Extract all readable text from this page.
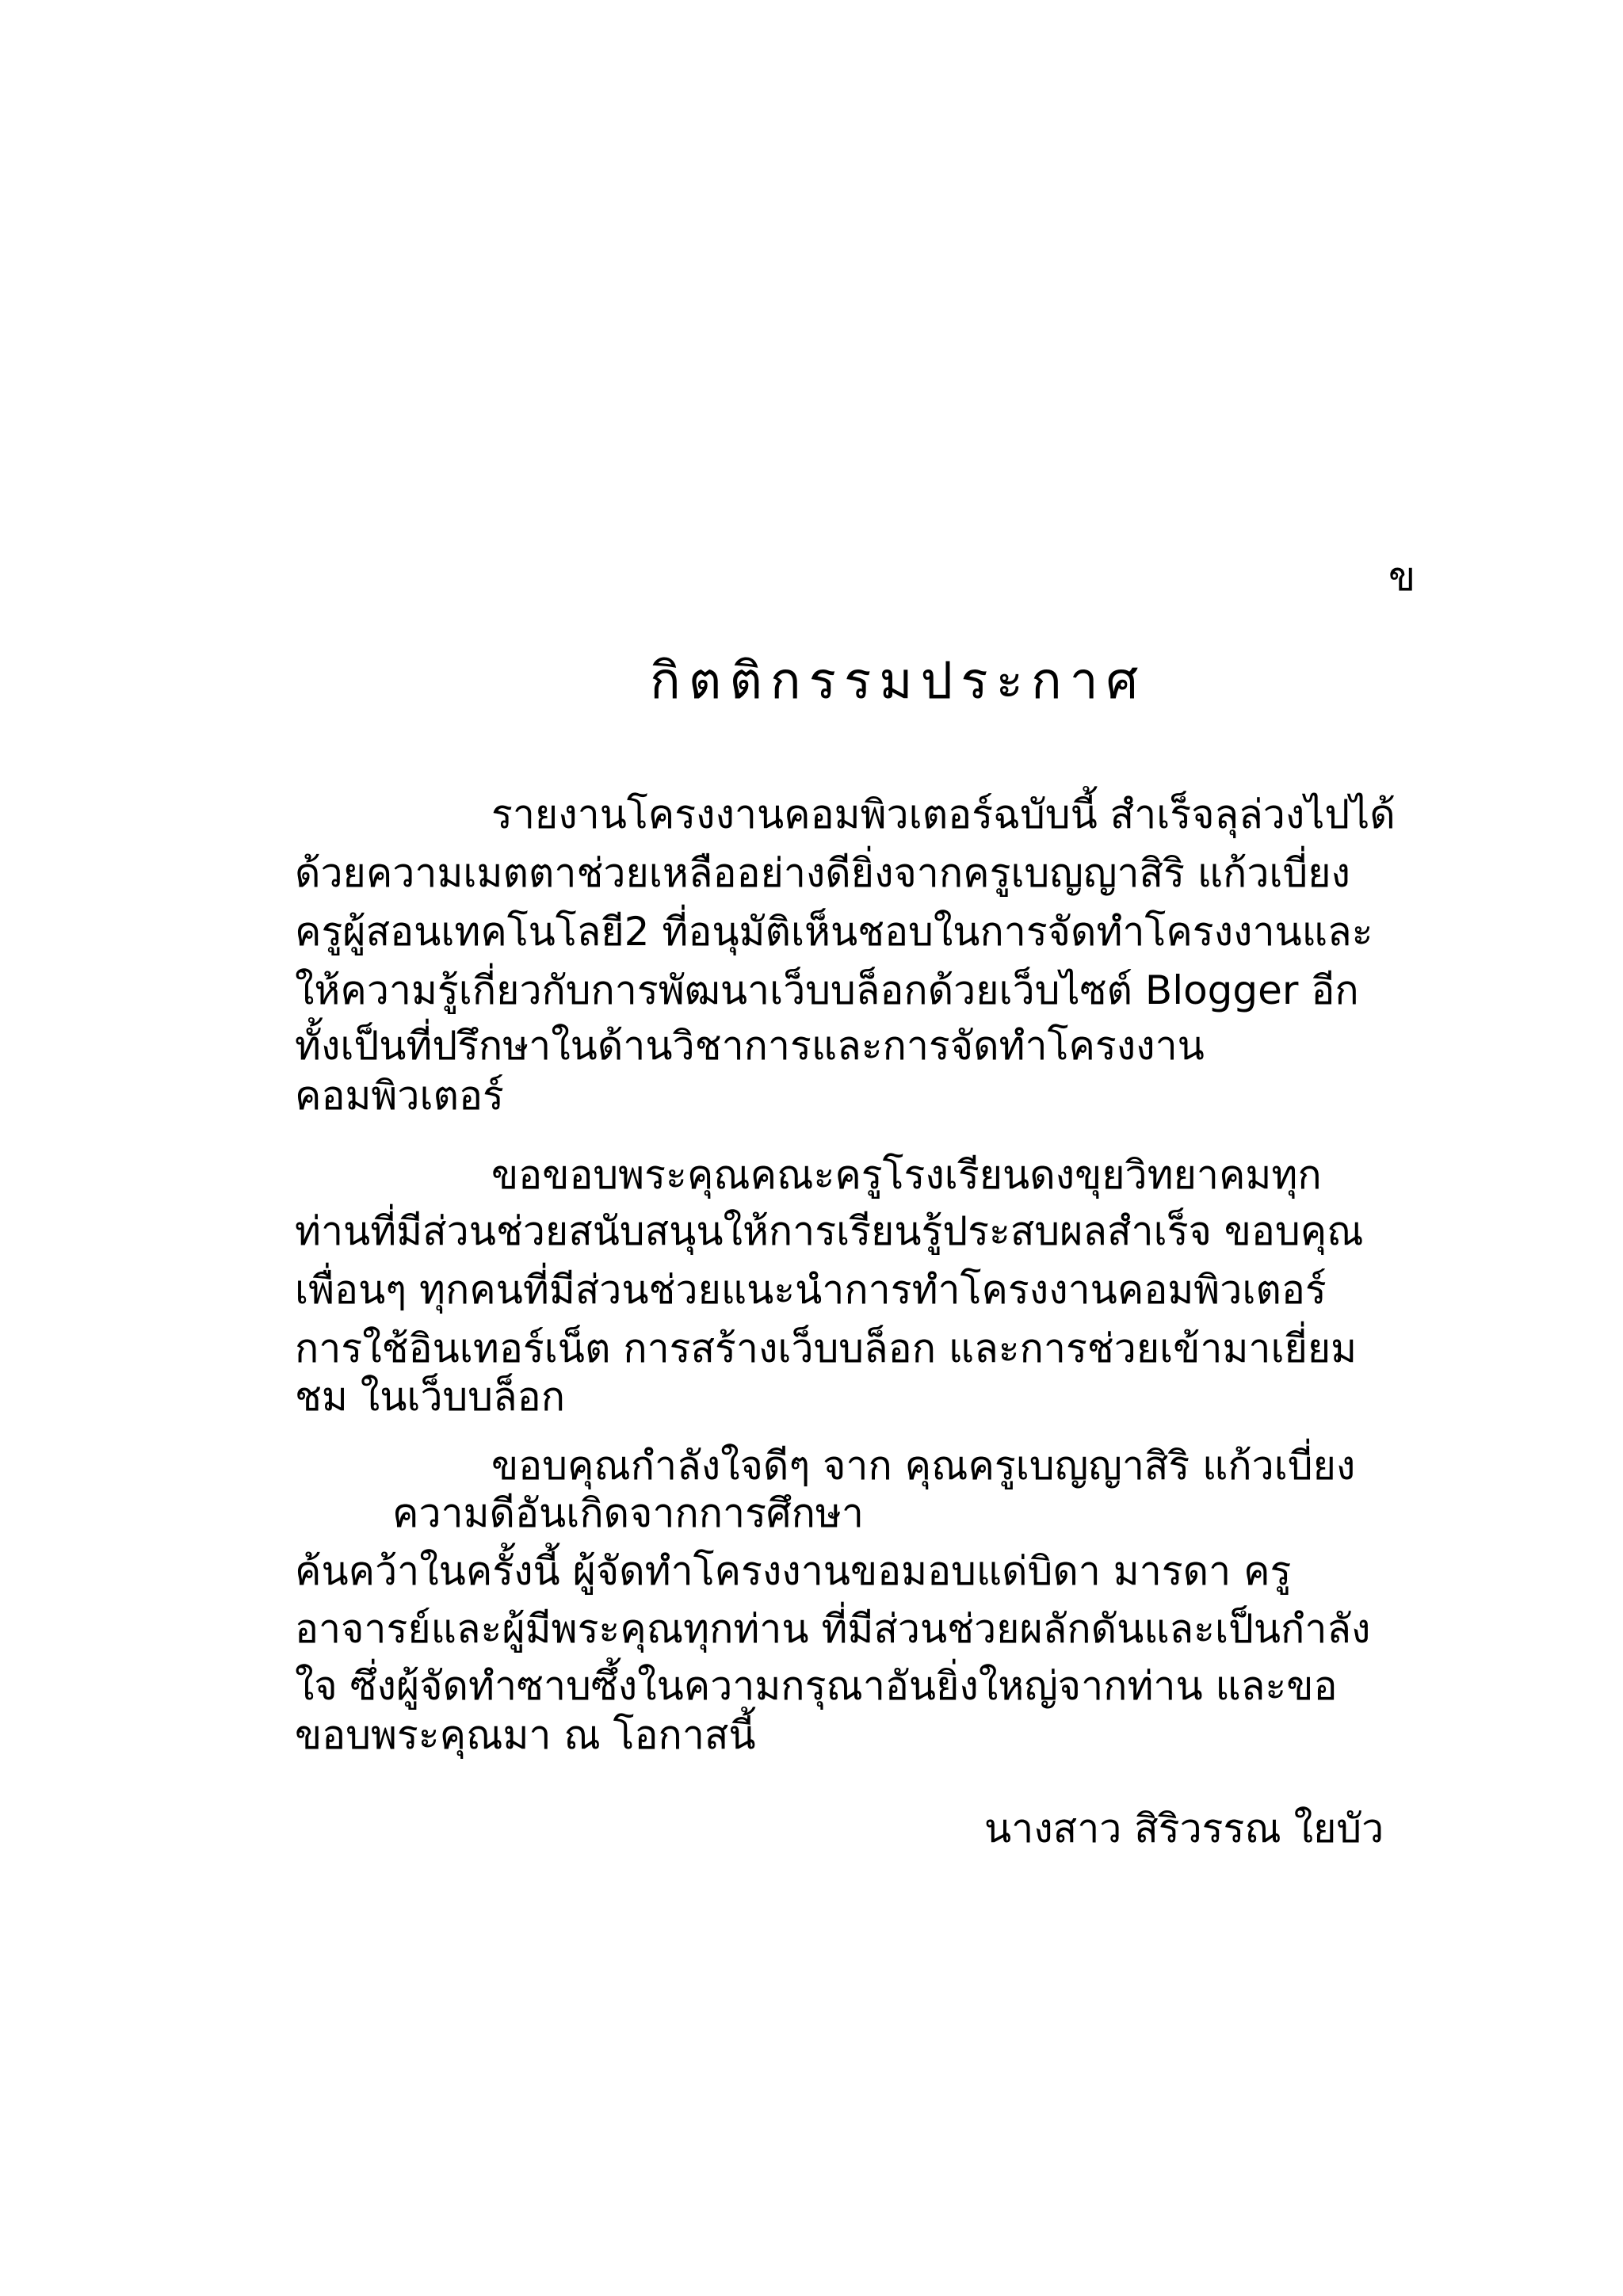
ข
กิตติกรรมประกาศ
รายงานโครงงานคอมพิวเตอร์ฉบับนี้ สำเร็จลุล่วงไปได้
ด้วยความเมตตาช่วยเหลืออย่างดียิ่งจากครูเบญญาสิริ แก้วเบี่ยง
ครูผู้สอนเทคโนโลยี2 ที่อนุมัติเห็นชอบในการจัดทำโครงงานและ
ให้ความรู้เกี่ยวกับการพัฒนาเว็บบล็อกด้วยเว็บไซต์ Blogger อีก
ทั้งเป็นที่ปรึกษาในด้านวิชาการและการจัดทำโครงงาน
คอมพิวเตอร์
ขอขอบพระคุณคณะครูโรงเรียนดงขุยวิทยาคมทุก
ท่านที่มีส่วนช่วยสนับสนุนให้การเรียนรู้ประสบผลสำเร็จ ขอบคุณ
เพื่อนๆ ทุกคนที่มีส่วนช่วยแนะนำการทำโครงงานคอมพิวเตอร์
การใช้อินเทอร์เน็ต การสร้างเว็บบล็อก และการช่วยเข้ามาเยี่ยม
ชม ในเว็บบล็อก
ขอบคุณกำลังใจดีๆ จาก คุณครูเบญญาสิริ แก้วเบี่ยง
ความดีอันเกิดจากการศึกษา
ค้นคว้าในครั้งนี้ ผู้จัดทำโครงงานขอมอบแด่บิดา มารดา ครู
อาจารย์และผู้มีพระคุณทุกท่าน ที่มีส่วนช่วยผลักดันและเป็นกำลัง
ใจ ซึ่งผู้จัดทำซาบซึ้งในความกรุณาอันยิ่งใหญ่จากท่าน และขอ
ขอบพระคุณมา ณ โอกาสนี้
นางสาว สิริวรรณ ใยบัว
